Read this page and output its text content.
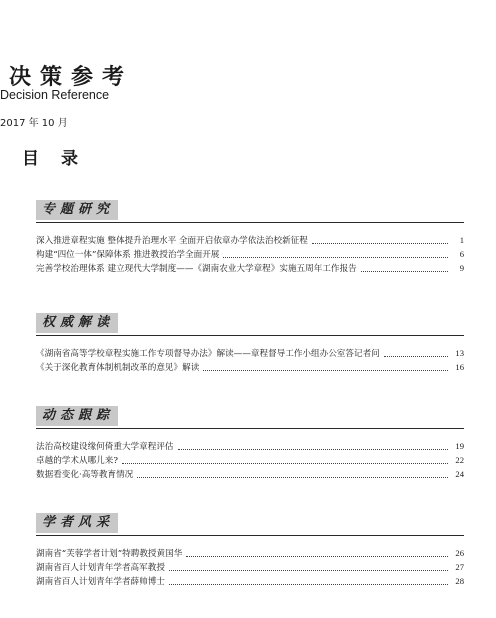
决策参考
Decision Reference
2017 年 10 月
目录
专题研究
深入推进章程实施 整体提升治理水平 全面开启依章办学依法治校新征程	1
构建“四位一体”保障体系 推进教授治学全面开展	6
完善学校治理体系 建立现代大学制度——《湖南农业大学章程》实施五周年工作报告	9
权威解读
《湖南省高等学校章程实施工作专项督导办法》解读——章程督导工作小组办公室答记者问	13
《关于深化教育体制机制改革的意见》解读	16
动态跟踪
法治高校建设缘何倚重大学章程评估	19
卓越的学术从哪儿来?	22
数据看变化·高等教育情况	24
学者风采
湖南省“芙蓉学者计划”特聘教授黄国华	26
湖南省百人计划青年学者高军教授	27
湖南省百人计划青年学者薛帅博士	28
